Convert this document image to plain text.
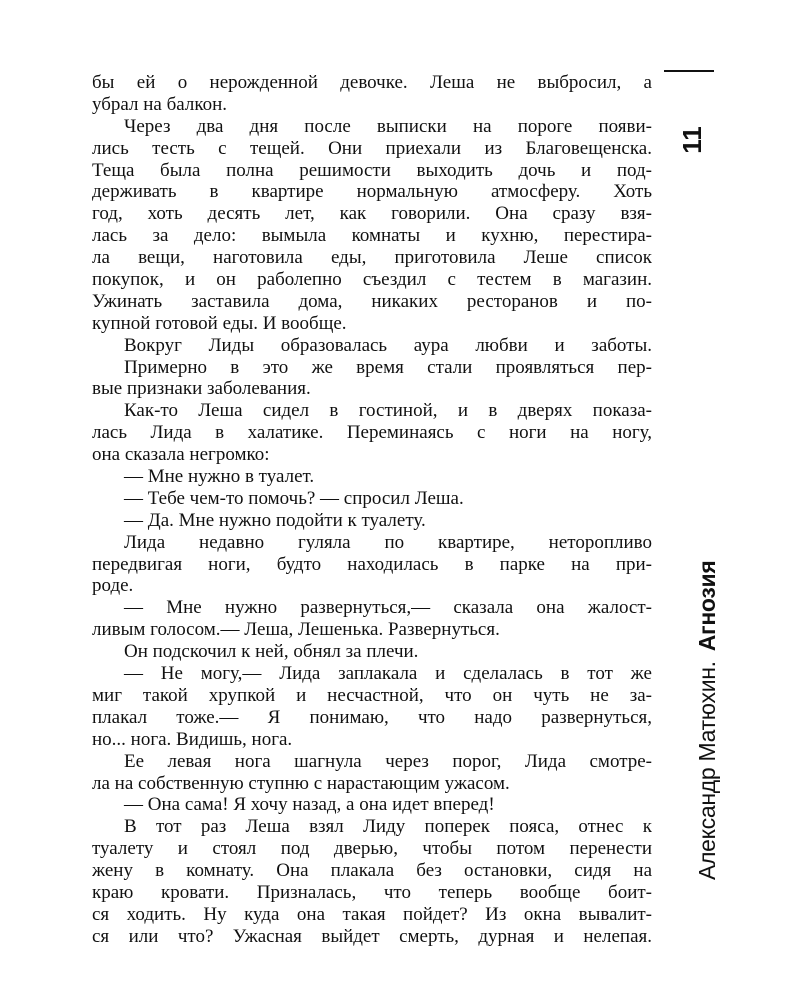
11
Александр Матюхин.Агнозия
бы ей о нерожденной девочке. Леша не выбросил, а
убрал на балкон.
Через два дня после выписки на пороге появи-
лись тесть с тещей. Они приехали из Благовещенска.
Теща была полна решимости выходить дочь и под-
держивать в квартире нормальную атмосферу. Хоть
год, хоть десять лет, как говорили. Она сразу взя-
лась за дело: вымыла комнаты и кухню, перестира-
ла вещи, наготовила еды, приготовила Леше список
покупок, и он раболепно съездил с тестем в магазин.
Ужинать заставила дома, никаких ресторанов и по-
купной готовой еды. И вообще.
Вокруг Лиды образовалась аура любви и заботы.
Примерно в это же время стали проявляться пер-
вые признаки заболевания.
Как-то Леша сидел в гостиной, и в дверях показа-
лась Лида в халатике. Переминаясь с ноги на ногу,
она сказала негромко:
— Мне нужно в туалет.
— Тебе чем-то помочь? — спросил Леша.
— Да. Мне нужно подойти к туалету.
Лида недавно гуляла по квартире, неторопливо
передвигая ноги, будто находилась в парке на при-
роде.
— Мне нужно развернуться,— сказала она жалост-
ливым голосом.— Леша, Лешенька. Развернуться.
Он подскочил к ней, обнял за плечи.
— Не могу,— Лида заплакала и сделалась в тот же
миг такой хрупкой и несчастной, что он чуть не за-
плакал тоже.— Я понимаю, что надо развернуться,
но... нога. Видишь, нога.
Ее левая нога шагнула через порог, Лида смотре-
ла на собственную ступню с нарастающим ужасом.
— Она сама! Я хочу назад, а она идет вперед!
В тот раз Леша взял Лиду поперек пояса, отнес к
туалету и стоял под дверью, чтобы потом перенести
жену в комнату. Она плакала без остановки, сидя на
краю кровати. Призналась, что теперь вообще боит-
ся ходить. Ну куда она такая пойдет? Из окна вывалит-
ся или что? Ужасная выйдет смерть, дурная и нелепая.
